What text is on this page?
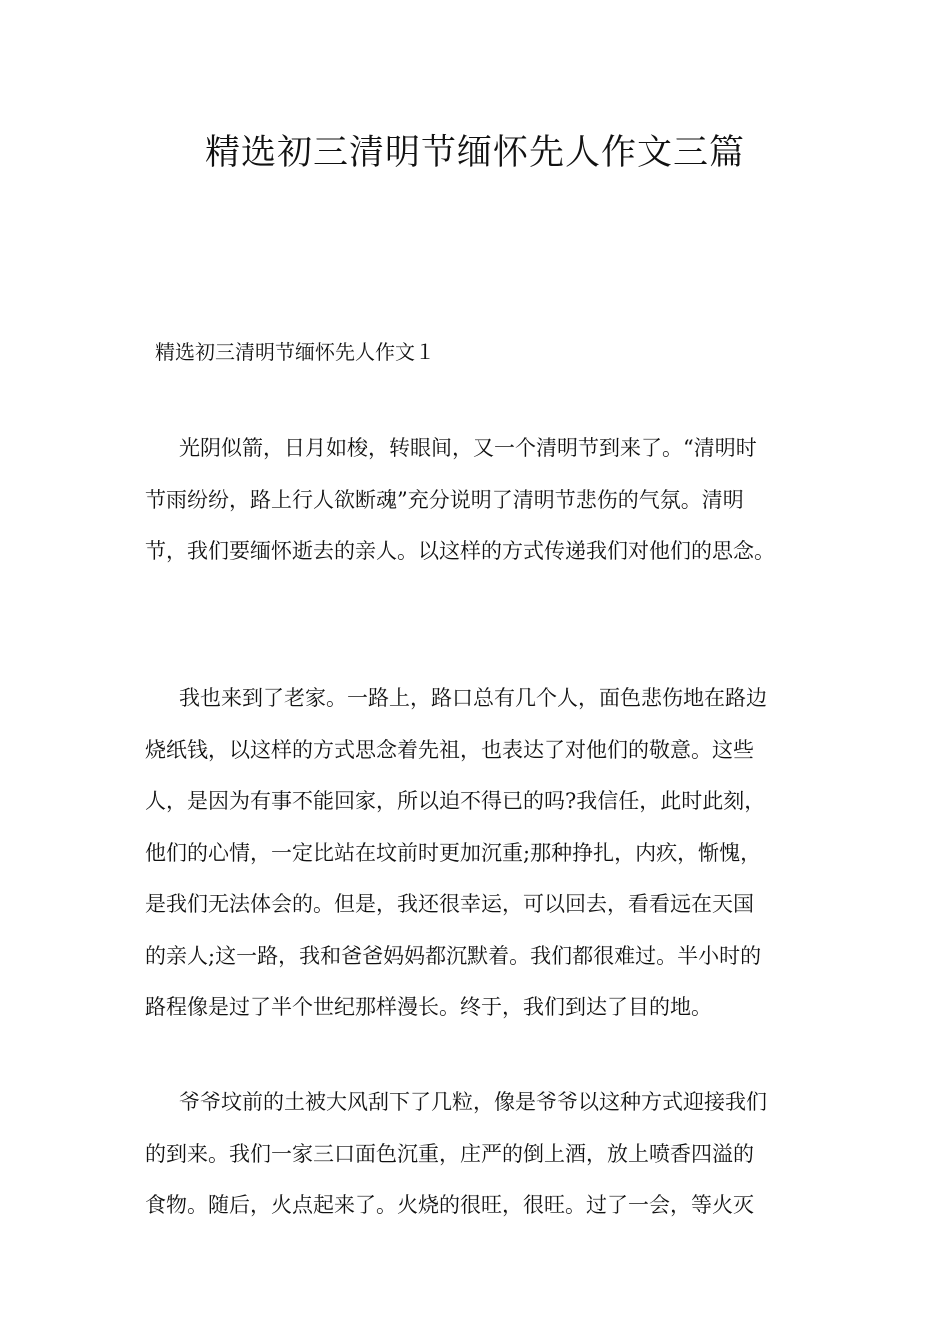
精选初三清明节缅怀先人作文三篇
精选初三清明节缅怀先人作文１

光阴似箭，日月如梭，转眼间，又一个清明节到来了。“清明时
节雨纷纷，路上行人欲断魂”充分说明了清明节悲伤的气氛。清明
节，我们要缅怀逝去的亲人。以这样的方式传递我们对他们的思念。

我也来到了老家。一路上，路口总有几个人，面色悲伤地在路边
烧纸钱，以这样的方式思念着先祖，也表达了对他们的敬意。这些
人，是因为有事不能回家，所以迫不得已的吗?我信任，此时此刻，
他们的心情，一定比站在坟前时更加沉重;那种挣扎，内疚，惭愧，
是我们无法体会的。但是，我还很幸运，可以回去，看看远在天国
的亲人;这一路，我和爸爸妈妈都沉默着。我们都很难过。半小时的
路程像是过了半个世纪那样漫长。终于，我们到达了目的地。

爷爷坟前的土被大风刮下了几粒，像是爷爷以这种方式迎接我们
的到来。我们一家三口面色沉重，庄严的倒上酒，放上喷香四溢的
食物。随后，火点起来了。火烧的很旺，很旺。过了一会，等火灭
